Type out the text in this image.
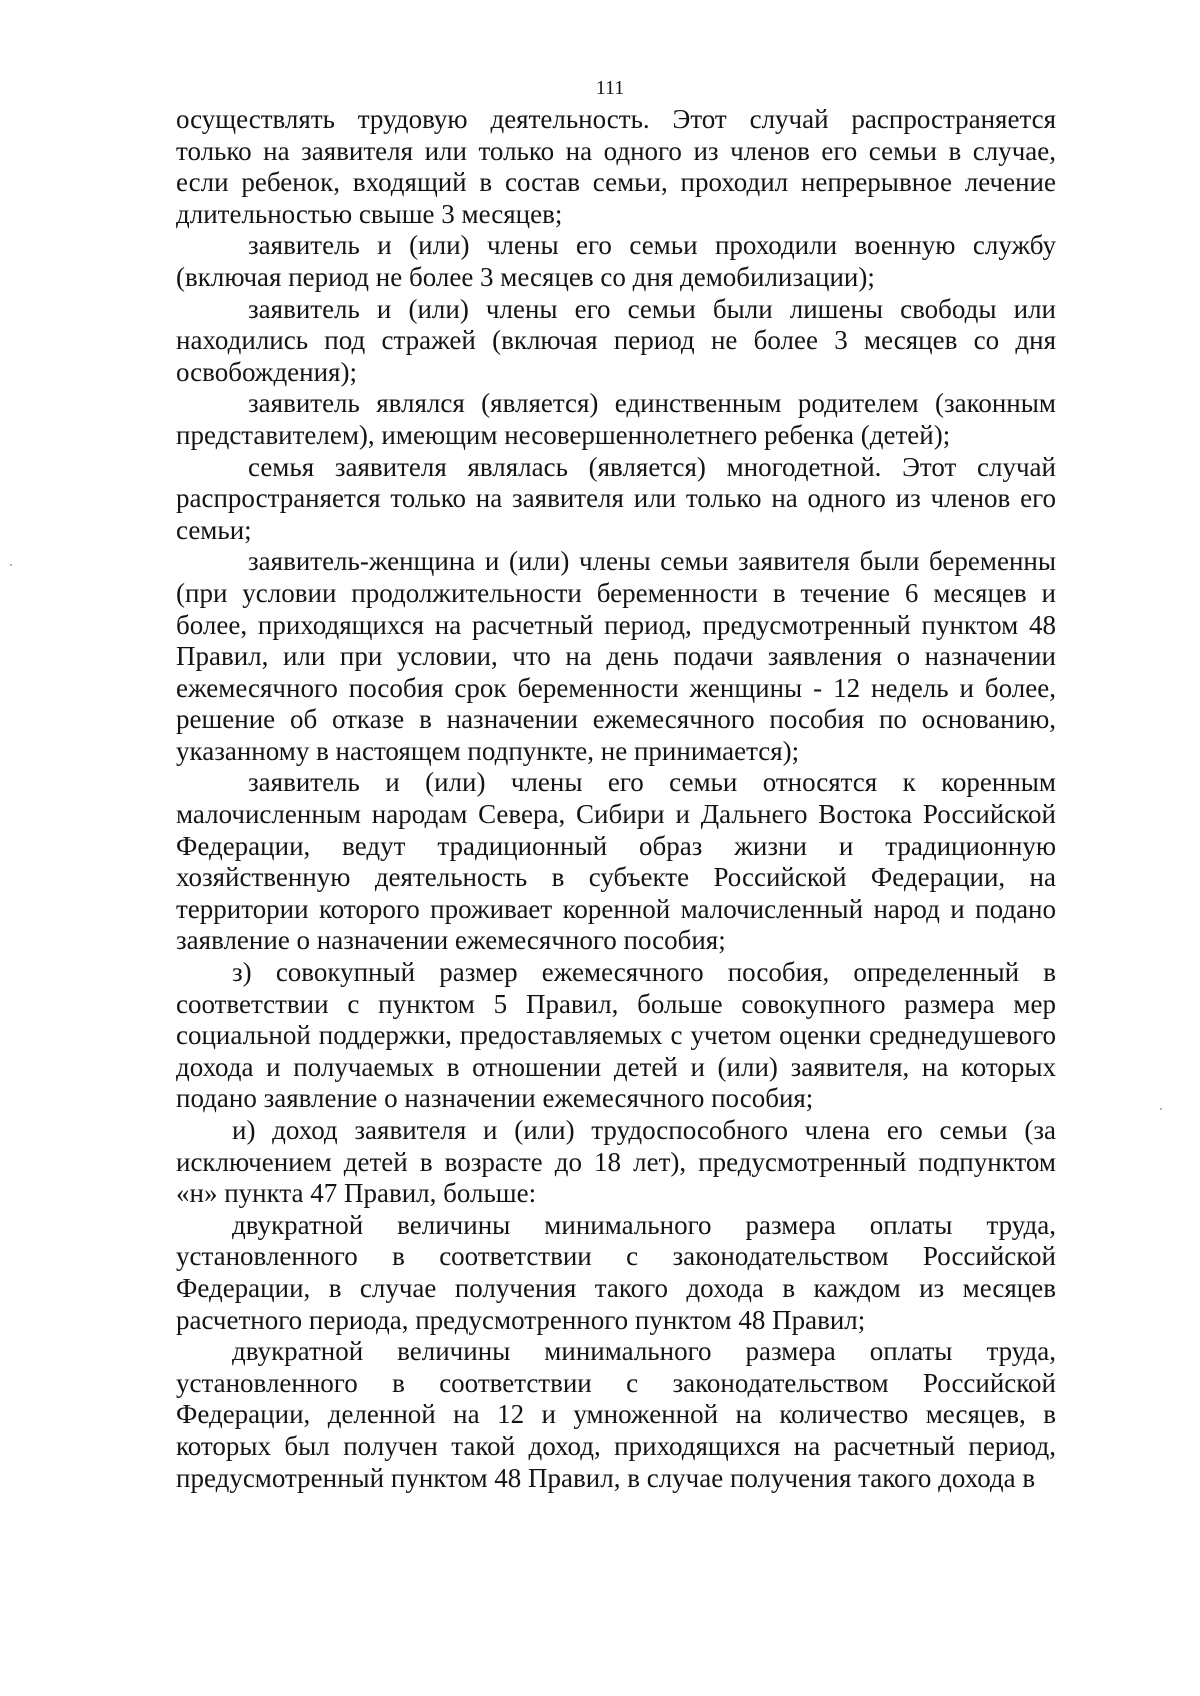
111

осуществлять трудовую деятельность. Этот случай распространяется только на заявителя или только на одного из членов его семьи в случае, если ребенок, входящий в состав семьи, проходил непрерывное лечение длительностью свыше 3 месяцев;

заявитель и (или) члены его семьи проходили военную службу (включая период не более 3 месяцев со дня демобилизации);

заявитель и (или) члены его семьи были лишены свободы или находились под стражей (включая период не более 3 месяцев со дня освобождения);

заявитель являлся (является) единственным родителем (законным представителем), имеющим несовершеннолетнего ребенка (детей);

семья заявителя являлась (является) многодетной. Этот случай распространяется только на заявителя или только на одного из членов его семьи;

заявитель-женщина и (или) члены семьи заявителя были беременны (при условии продолжительности беременности в течение 6 месяцев и более, приходящихся на расчетный период, предусмотренный пунктом 48 Правил, или при условии, что на день подачи заявления о назначении ежемесячного пособия срок беременности женщины - 12 недель и более, решение об отказе в назначении ежемесячного пособия по основанию, указанному в настоящем подпункте, не принимается);

заявитель и (или) члены его семьи относятся к коренным малочисленным народам Севера, Сибири и Дальнего Востока Российской Федерации, ведут традиционный образ жизни и традиционную хозяйственную деятельность в субъекте Российской Федерации, на территории которого проживает коренной малочисленный народ и подано заявление о назначении ежемесячного пособия;

з) совокупный размер ежемесячного пособия, определенный в соответствии с пунктом 5 Правил, больше совокупного размера мер социальной поддержки, предоставляемых с учетом оценки среднедушевого дохода и получаемых в отношении детей и (или) заявителя, на которых подано заявление о назначении ежемесячного пособия;

и) доход заявителя и (или) трудоспособного члена его семьи (за исключением детей в возрасте до 18 лет), предусмотренный подпунктом «н» пункта 47 Правил, больше:

двукратной величины минимального размера оплаты труда, установленного в соответствии с законодательством Российской Федерации, в случае получения такого дохода в каждом из месяцев расчетного периода, предусмотренного пунктом 48 Правил;

двукратной величины минимального размера оплаты труда, установленного в соответствии с законодательством Российской Федерации, деленной на 12 и умноженной на количество месяцев, в которых был получен такой доход, приходящихся на расчетный период, предусмотренный пунктом 48 Правил, в случае получения такого дохода в
